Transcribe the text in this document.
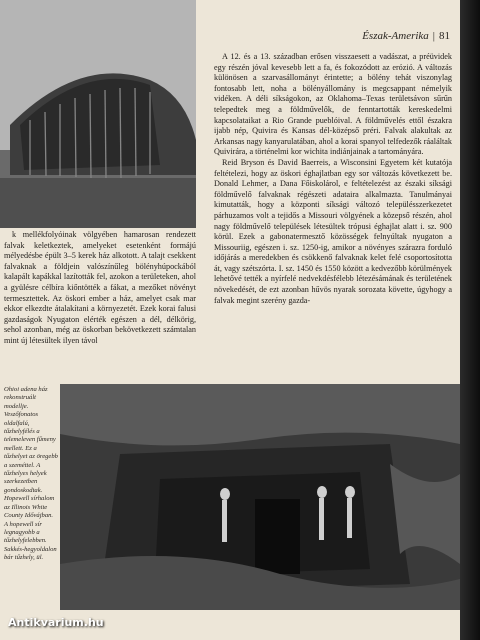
Észak-Amerika | 81

k mellékfolyóinak völgyében hamarosan rendezett falvak keletkeztek, amelyeket esetenként formájú mélyedésbe épült 3–5 kerek ház alkotott. A talajt csekkent falvaknak a földjein valószínűleg bölényhúpockából kalapált kapákkal lazították fel, azokon a területeken, ahol a gyülésre célbíra kiőntötték a fákat, a mezőket növényt termesztettek. Az öskori ember a ház, amelyet csak mar ekkor elkezdte átalakítani a környezetét. Ezek korai falusi gazdaságok Nyugaton elérték egészen a dél, délkörig, sehol azonban, még az öskorban bekövetkezett számtalan mint új létesültek ilyen távol

A 12. és a 13. században erősen visszaesett a vadászat, a préüvidek egy részén jóval kevesebb lett a fa, és fokozódott az erózió. A változás különösen a szarvasállományt érintette; a bölény tehát viszonylag fontosabb lett, noha a bölényállomány is megcsappant némelyik vidéken. A déli síkságokon, az Oklahoma–Texas területsávon sűrűn telepedtek meg a földművelők, de fenntartották kereskedelmi kapcsolataikat a Rio Grande pueblóival. A földművelés ettől északra ijabb nép, Quivira és Kansas dél-középső préri. Falvak alakultak az Arkansas nagy kanyarulatában, ahol a korai spanyol telfedezők ráaláltak Quivirára, a történelmi kor wichita indiánjainak a tartományára.

Reid Bryson és David Baerreis, a Wisconsini Egyetem két kutatója feltételezi, hogy az öskori éghajlatban egy sor változás következett be. Donald Lehmer, a Dana Főiskolárol, e feltételezést az északi síksági földművelő falvaknak régészeti adataira alkalmazta. Tanulmányai kimutatták, hogy a központi síksági változó településszerkezetet párhuzamos volt a tejidős a Missouri völgyének a közepső részén, ahol nagy földművelő települések létesültek trópusi éghajlat alatt i. sz. 900 körül. Ezek a gabonatermesztő közösségek felnyúltak nyugaton a Missouriig, egészen i. sz. 1250-ig, amikor a növényes szárazra forduló időjárás a meredekben és csökkenő falvaknak kelet felé csoportosította át, vagy szétszórta. I. sz. 1450 és 1550 között a kedvezőbb körülmények lehetővé tették a nyírfelé nedvekdésfélebb létezésámának és területének növekedését, de ezt azonban hűvös nyarak sorozata követte, úgyhogy a falvak megint szerény gazda-

Ohioi adena ház rekonstruált modellje. Veszőfonatos oldalfalú, tűzhelyfélés a telemeleven fűmeny mellett. Ez a tűzhelyet az öregebb a szeméttel. A tűzhelyes helyek szerkezetben gondoskodtak. Hopewell sírhalom az Illinois White County Idővájban. A hopewell sír legnagyobb a tűzhelyfelebben. Sakkés-hegyoldalon bár tűzhely, ül.
Antikvarium.hu
